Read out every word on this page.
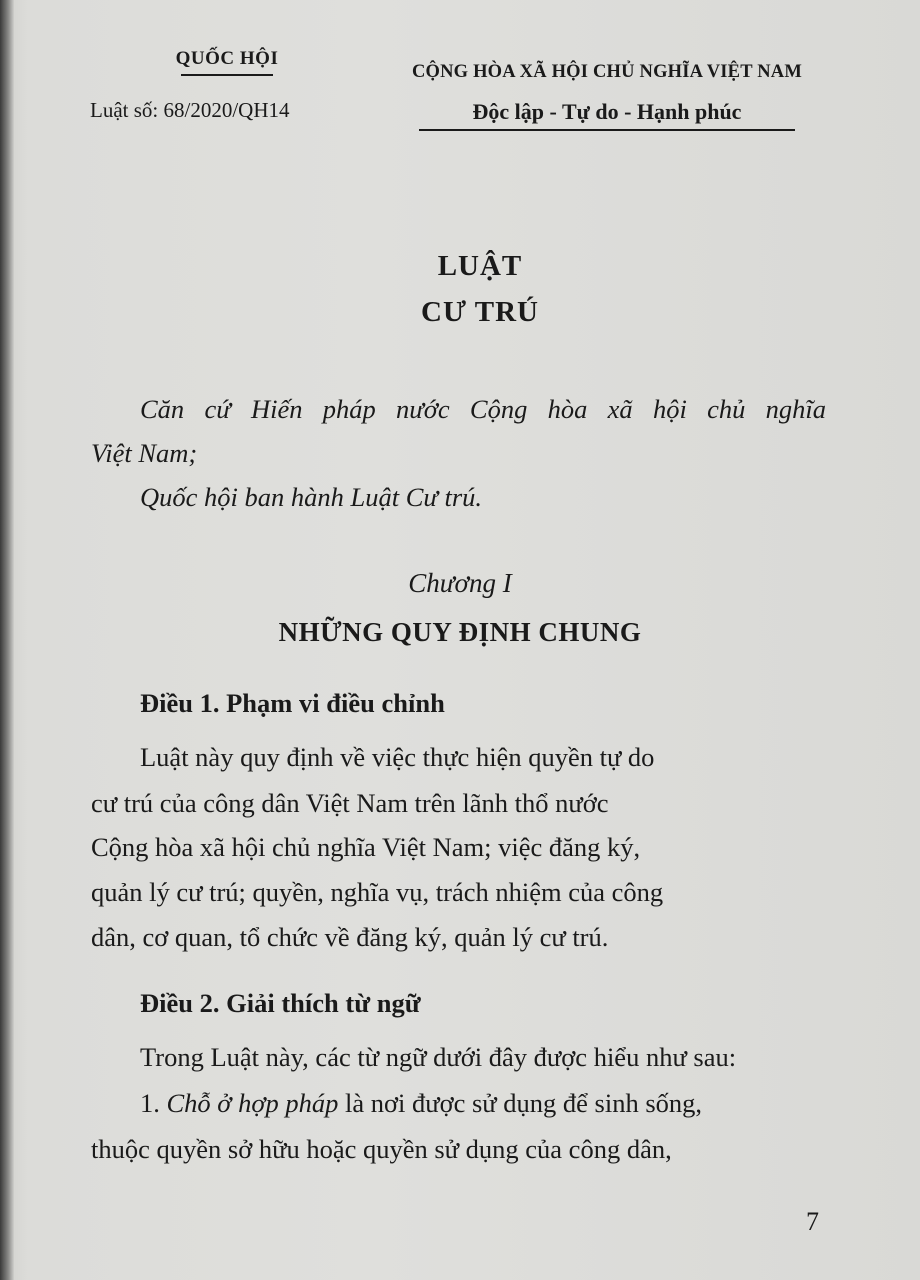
QUỐC HỘI
Luật số: 68/2020/QH14
CỘNG HÒA XÃ HỘI CHỦ NGHĨA VIỆT NAM
Độc lập - Tự do - Hạnh phúc
LUẬT
CƯ TRÚ
Căn cứ Hiến pháp nước Cộng hòa xã hội chủ nghĩa
Việt Nam;
Quốc hội ban hành Luật Cư trú.
Chương I
NHỮNG QUY ĐỊNH CHUNG
Điều 1. Phạm vi điều chỉnh
Luật này quy định về việc thực hiện quyền tự do
cư trú của công dân Việt Nam trên lãnh thổ nước
Cộng hòa xã hội chủ nghĩa Việt Nam; việc đăng ký,
quản lý cư trú; quyền, nghĩa vụ, trách nhiệm của công
dân, cơ quan, tổ chức về đăng ký, quản lý cư trú.
Điều 2. Giải thích từ ngữ
Trong Luật này, các từ ngữ dưới đây được hiểu như sau:
1. Chỗ ở hợp pháp là nơi được sử dụng để sinh sống,
thuộc quyền sở hữu hoặc quyền sử dụng của công dân,
7
